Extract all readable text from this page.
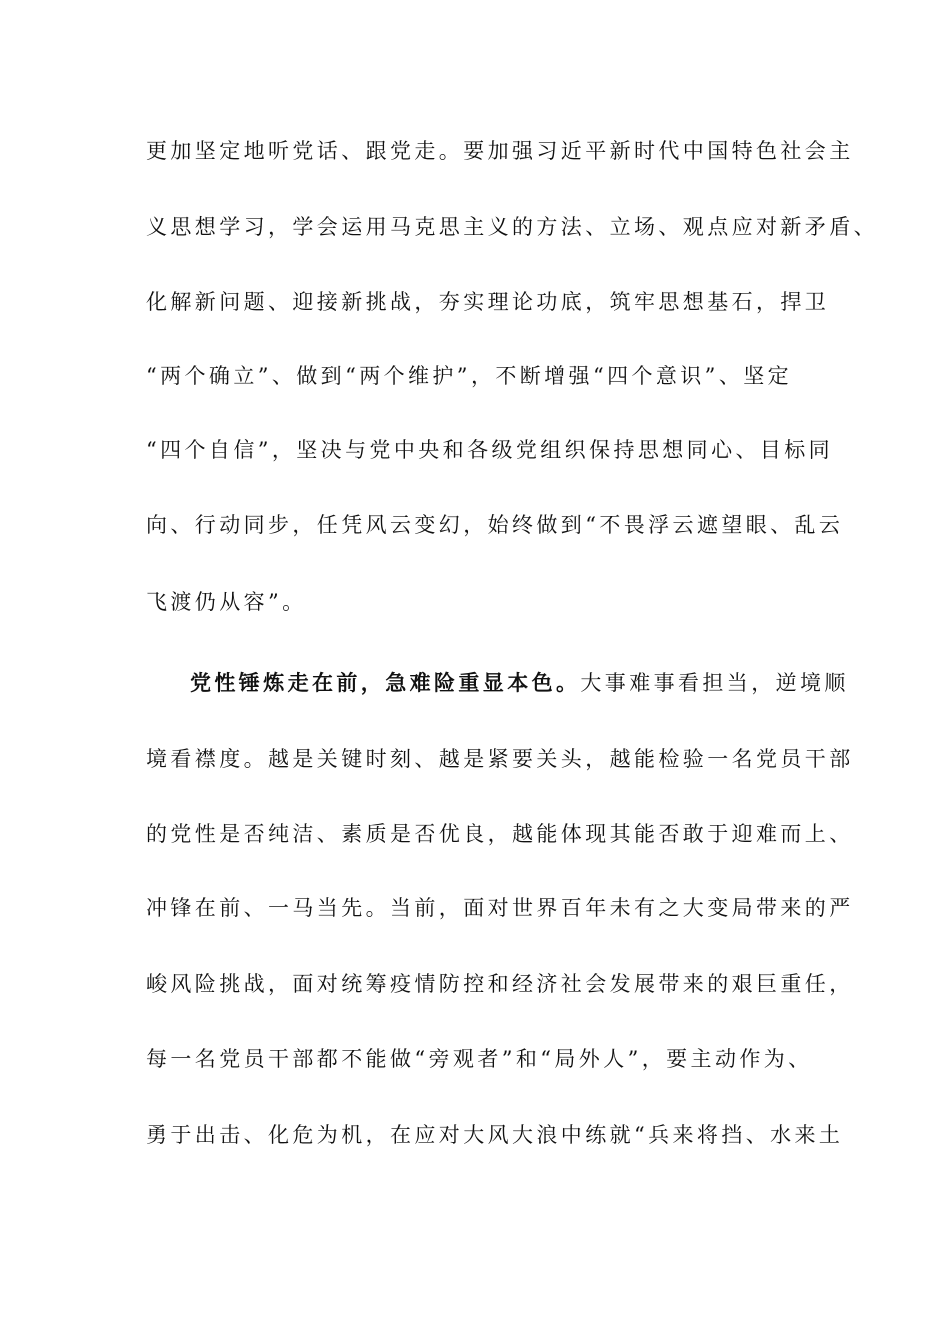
更加坚定地听党话、跟党走。要加强习近平新时代中国特色社会主
义思想学习，学会运用马克思主义的方法、立场、观点应对新矛盾、
化解新问题、迎接新挑战，夯实理论功底，筑牢思想基石，捍卫
“两个确立”、做到“两个维护”，不断增强“四个意识”、坚定
“四个自信”，坚决与党中央和各级党组织保持思想同心、目标同
向、行动同步，任凭风云变幻，始终做到“不畏浮云遮望眼、乱云
飞渡仍从容”。
党性锤炼走在前，急难险重显本色。大事难事看担当，逆境顺
境看襟度。越是关键时刻、越是紧要关头，越能检验一名党员干部
的党性是否纯洁、素质是否优良，越能体现其能否敢于迎难而上、
冲锋在前、一马当先。当前，面对世界百年未有之大变局带来的严
峻风险挑战，面对统筹疫情防控和经济社会发展带来的艰巨重任，
每一名党员干部都不能做“旁观者”和“局外人”，要主动作为、
勇于出击、化危为机，在应对大风大浪中练就“兵来将挡、水来土
